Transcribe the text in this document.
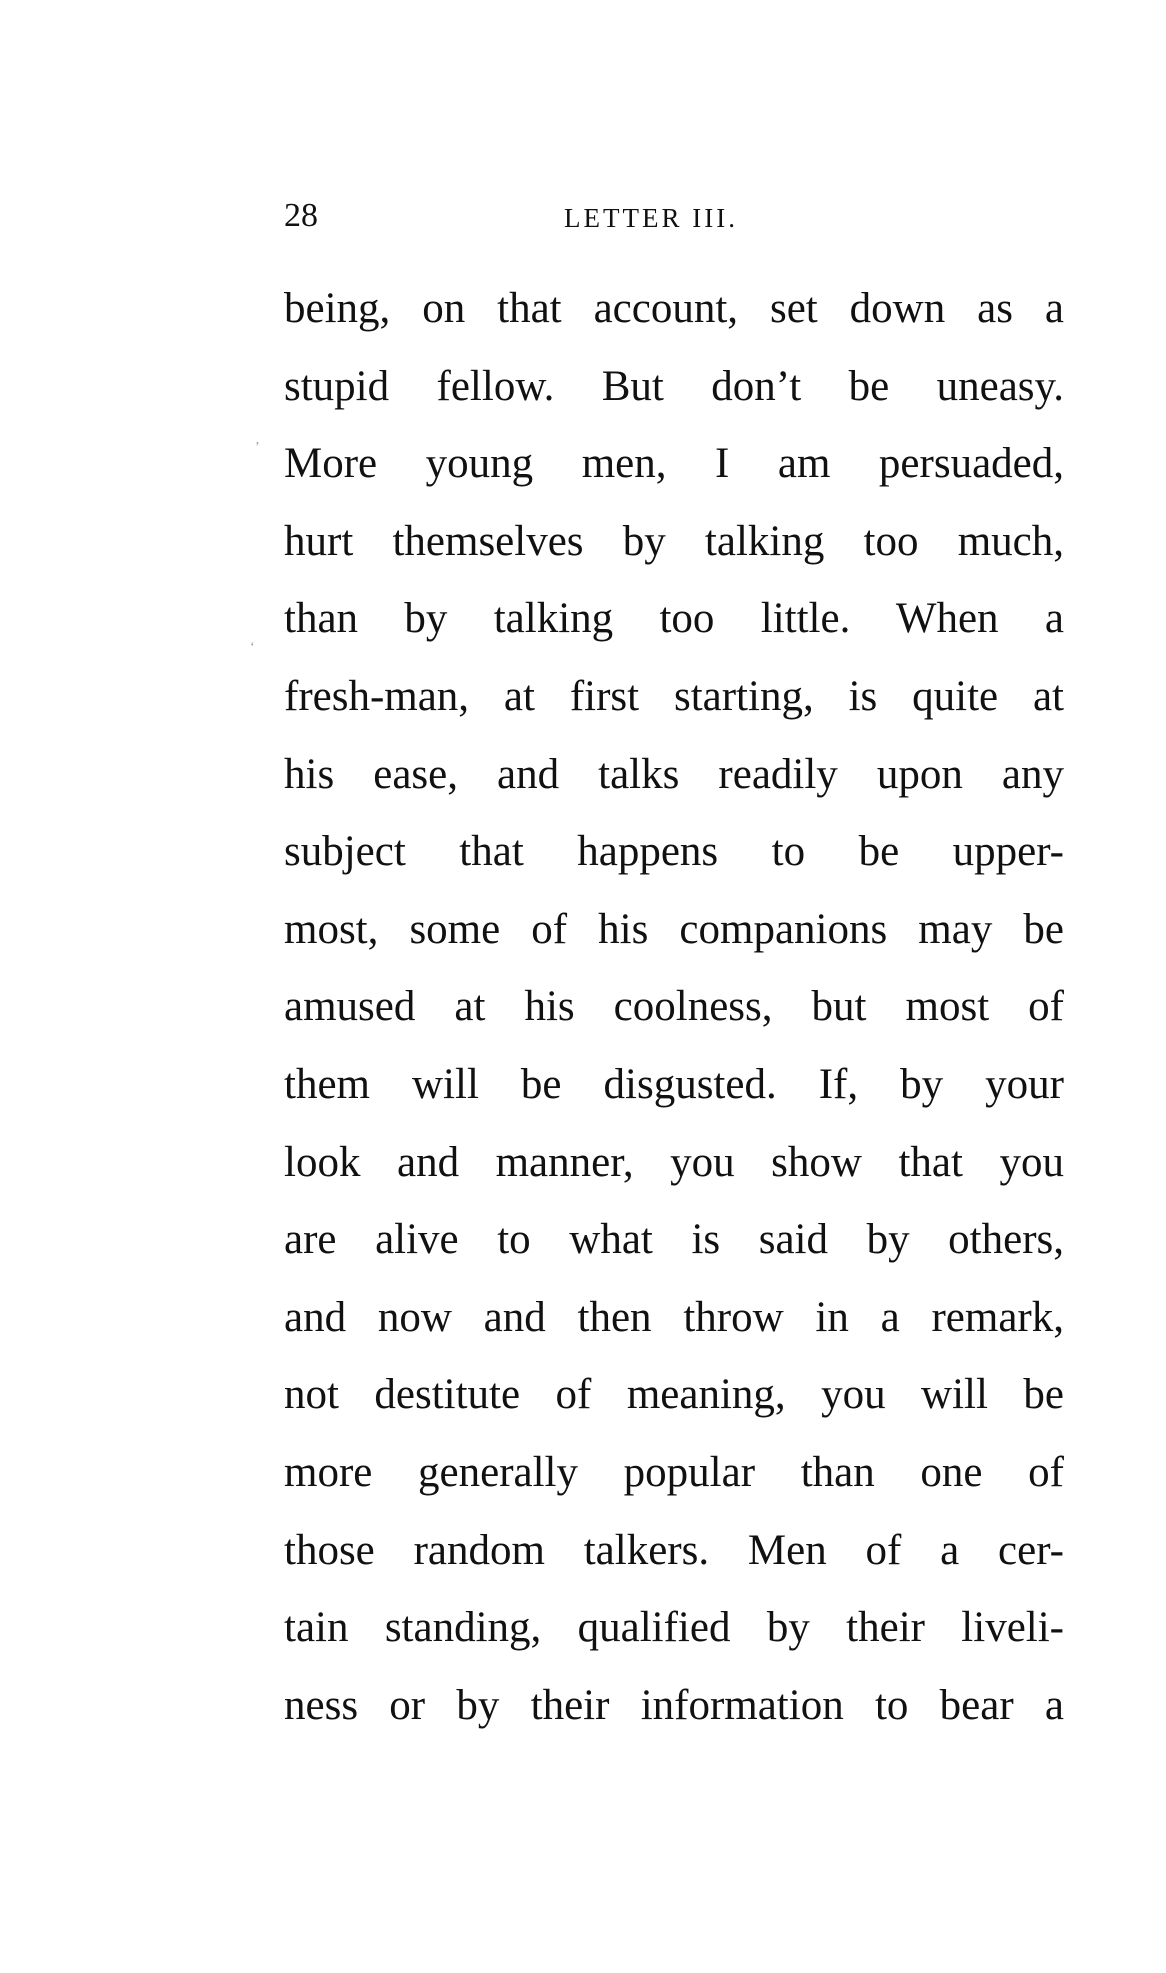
28	LETTER III.
’
‘
being, on that account, set down as a
stupid fellow. But don’t be uneasy.
More young men, I am persuaded,
hurt themselves by talking too much,
than by talking too little. When a
fresh-man, at first starting, is quite at
his ease, and talks readily upon any
subject that happens to be upper-
most, some of his companions may be
amused at his coolness, but most of
them will be disgusted. If, by your
look and manner, you show that you
are alive to what is said by others,
and now and then throw in a remark,
not destitute of meaning, you will be
more generally popular than one of
those random talkers. Men of a cer-
tain standing, qualified by their liveli-
ness or by their information to bear a
